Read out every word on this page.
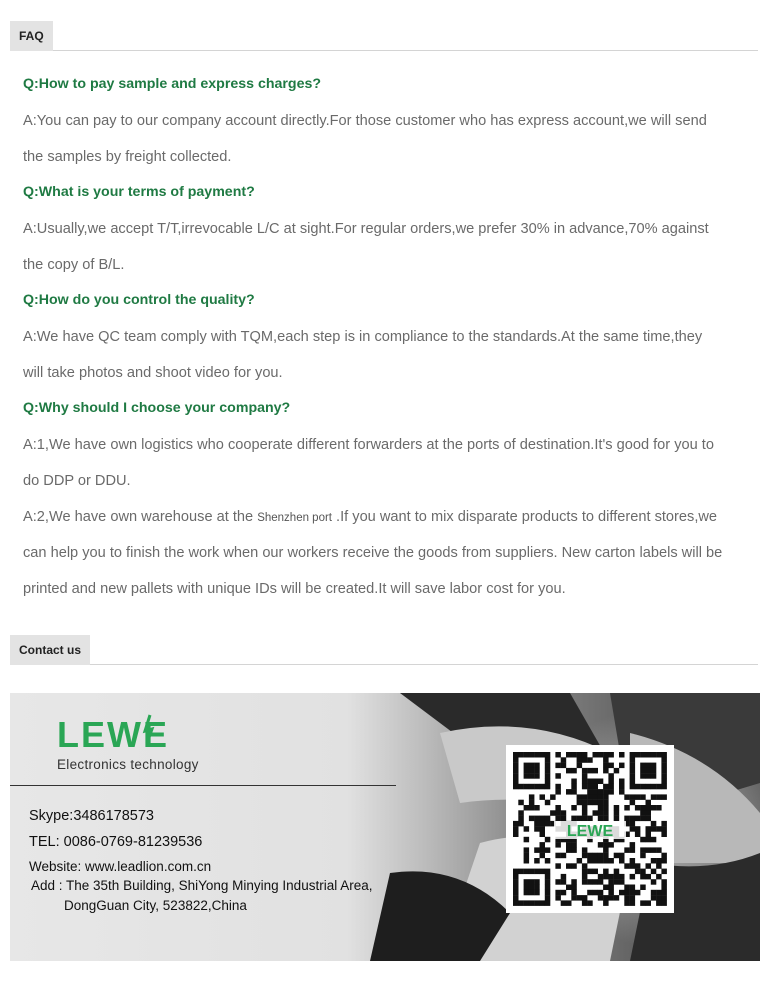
FAQ
Q:How to pay sample and express charges?
A:You can pay to our company account directly.For those customer who has express account,we will send
the samples by freight collected.
Q:What is your terms of payment?
A:Usually,we accept T/T,irrevocable L/C at sight.For regular orders,we prefer 30% in advance,70% against
the copy of B/L.
Q:How do you control the quality?
A:We have QC team comply with TQM,each step is in compliance to the standards.At the same time,they
will take photos and shoot video for you.
Q:Why should I choose your company?
A:1,We have own logistics who cooperate different forwarders at the ports of destination.It's good for you to
do DDP or DDU.
A:2,We have own warehouse at the Shenzhen port .If you want to mix disparate products to different stores,we
can help you to finish the work when our workers receive the goods from suppliers. New carton labels will be
printed and new pallets with unique IDs will be created.It will save labor cost for you.
Contact us
LEWE
Electronics technology
Skype:3486178573
TEL: 0086-0769-81239536
Website: www.leadlion.com.cn
Add : The 35th Building, ShiYong Minying Industrial Area,
DongGuan City, 523822,China
LEWE
